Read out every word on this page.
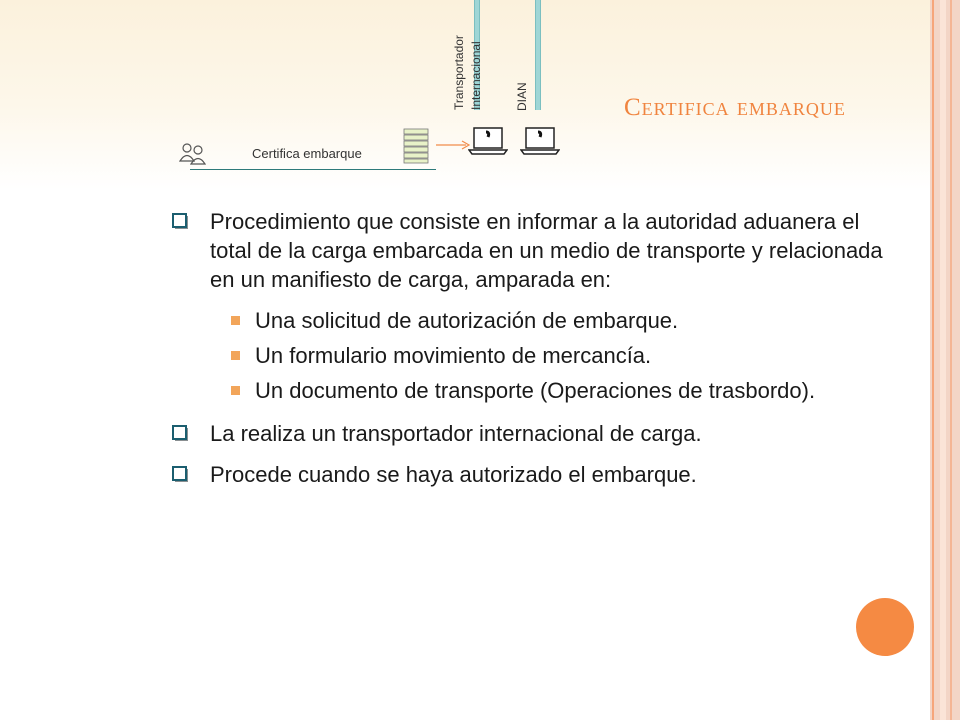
Transportador Internacional	DIAN
Certifica embarque
Certifica embarque
Procedimiento que consiste en informar a la autoridad aduanera el total de la carga embarcada en un medio de transporte y relacionada en un manifiesto de carga, amparada en:
Una solicitud de autorización de embarque.
Un formulario movimiento de mercancía.
Un documento de transporte (Operaciones de trasbordo).
La realiza un transportador internacional de carga.
Procede cuando se haya autorizado el embarque.
